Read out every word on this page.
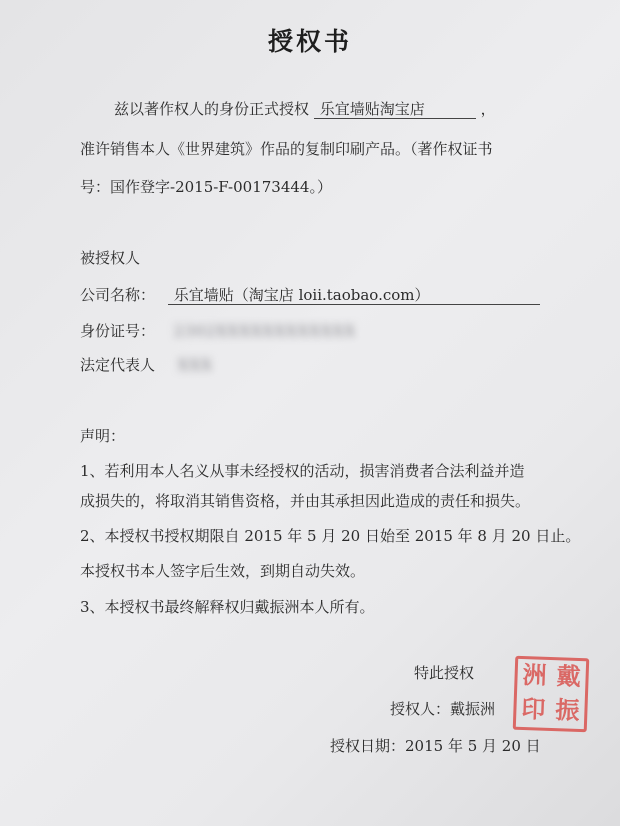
授权书
兹以著作权人的身份正式授权 乐宜墙贴淘宝店	，
准许销售本人《世界建筑》作品的复制印刷产品。（著作权证书
号：国作登字-2015-F-00173444。）
被授权人
公司名称： 乐宜墙贴（淘宝店 loii.taobao.com）
身份证号： 2302XXXXXXXXXXXX
法定代表人 XXX
声明：
1、若利用本人名义从事未经授权的活动，损害消费者合法利益并造
成损失的，将取消其销售资格，并由其承担因此造成的责任和损失。
2、本授权书授权期限自 2015 年 5 月 20 日始至 2015 年 8 月 20 日止。
本授权书本人签字后生效，到期自动失效。
3、本授权书最终解释权归戴振洲本人所有。
特此授权
授权人：戴振洲
授权日期：2015 年 5 月 20 日
洲 戴
印 振
